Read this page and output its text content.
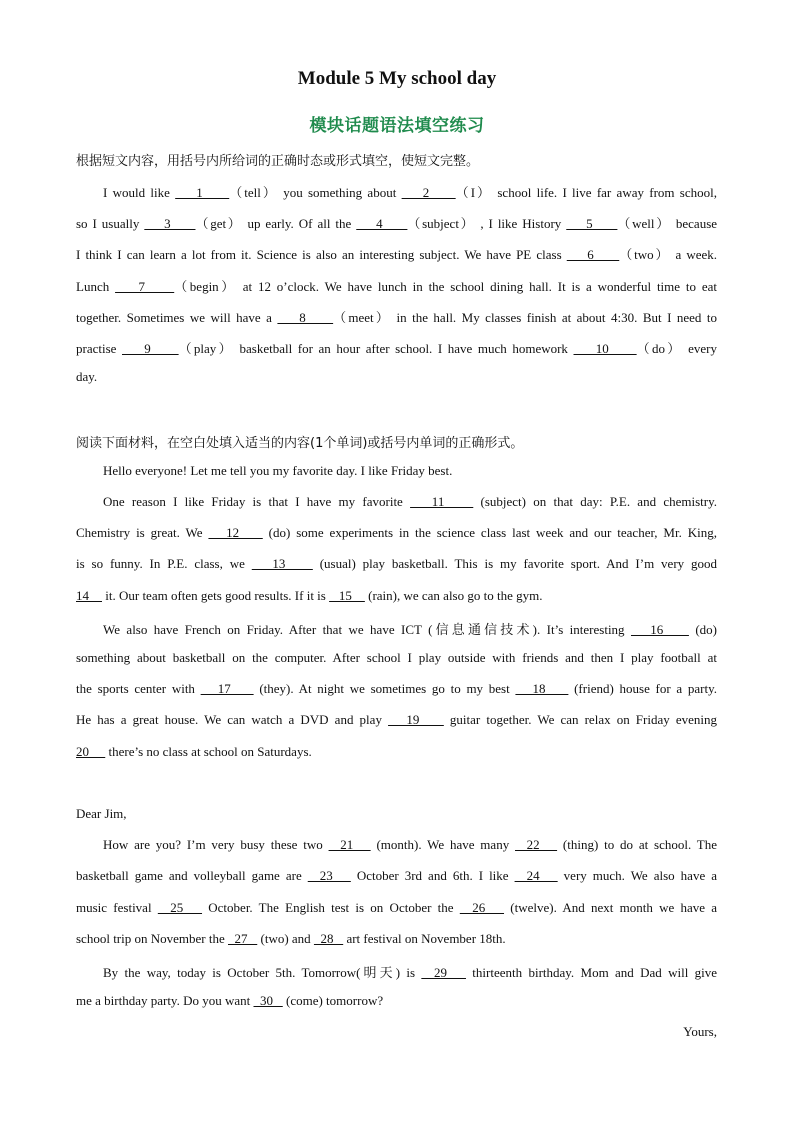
Module 5 My school day
模块话题语法填空练习
根据短文内容，用括号内所给词的正确时态或形式填空，使短文完整。
I would like     1     （tell） you something about     2     （I） school life. I live far away from school,
so I usually     3     （get） up early. Of all the     4     （subject） , I like History     5     （well） because
I think I can learn a lot from it. Science is also an interesting subject. We have PE class     6     （two） a week.
Lunch     7     （begin） at 12 o’clock. We have lunch in the school dining hall. It is a wonderful time to eat
together. Sometimes we will have a     8     （meet） in the hall. My classes finish at about 4:30. But I need to
practise     9     （play） basketball for an hour after school. I have much homework     10     （do） every
day.
阅读下面材料，在空白处填入适当的内容(1个单词)或括号内单词的正确形式。
Hello everyone! Let me tell you my favorite day. I like Friday best.
One reason I like Friday is that I have my favorite    11     (subject) on that day: P.E. and chemistry.
Chemistry is great. We    12     (do) some experiments in the science class last week and our teacher, Mr. King,
is so funny. In P.E. class, we    13     (usual) play basketball. This is my favorite sport. And I’m very good
14     it. Our team often gets good results. If it is    15     (rain), we can also go to the gym.
We also have French on Friday. After that we have ICT (信息通信技术). It’s interesting    16     (do)
something about basketball on the computer. After school I play outside with friends and then I play football at
the sports center with    17     (they). At night we sometimes go to my best    18     (friend) house for a party.
He has a great house. We can watch a DVD and play    19     guitar together. We can relax on Friday evening
20      there’s no class at school on Saturdays.
Dear Jim,
How are you? I’m very busy these two   21    (month). We have many   22    (thing) to do at school. The
basketball game and volleyball game are   23    October 3rd and 6th. I like   24    very much. We also have a
music festival   25    October. The English test is on October the   26    (twelve). And next month we have a
school trip on November the   27    (two) and   28    art festival on November 18th.
By the way, today is October 5th. Tomorrow(明天) is   29    thirteenth birthday. Mom and Dad will give
me a birthday party. Do you want   30    (come) tomorrow?
Yours,
